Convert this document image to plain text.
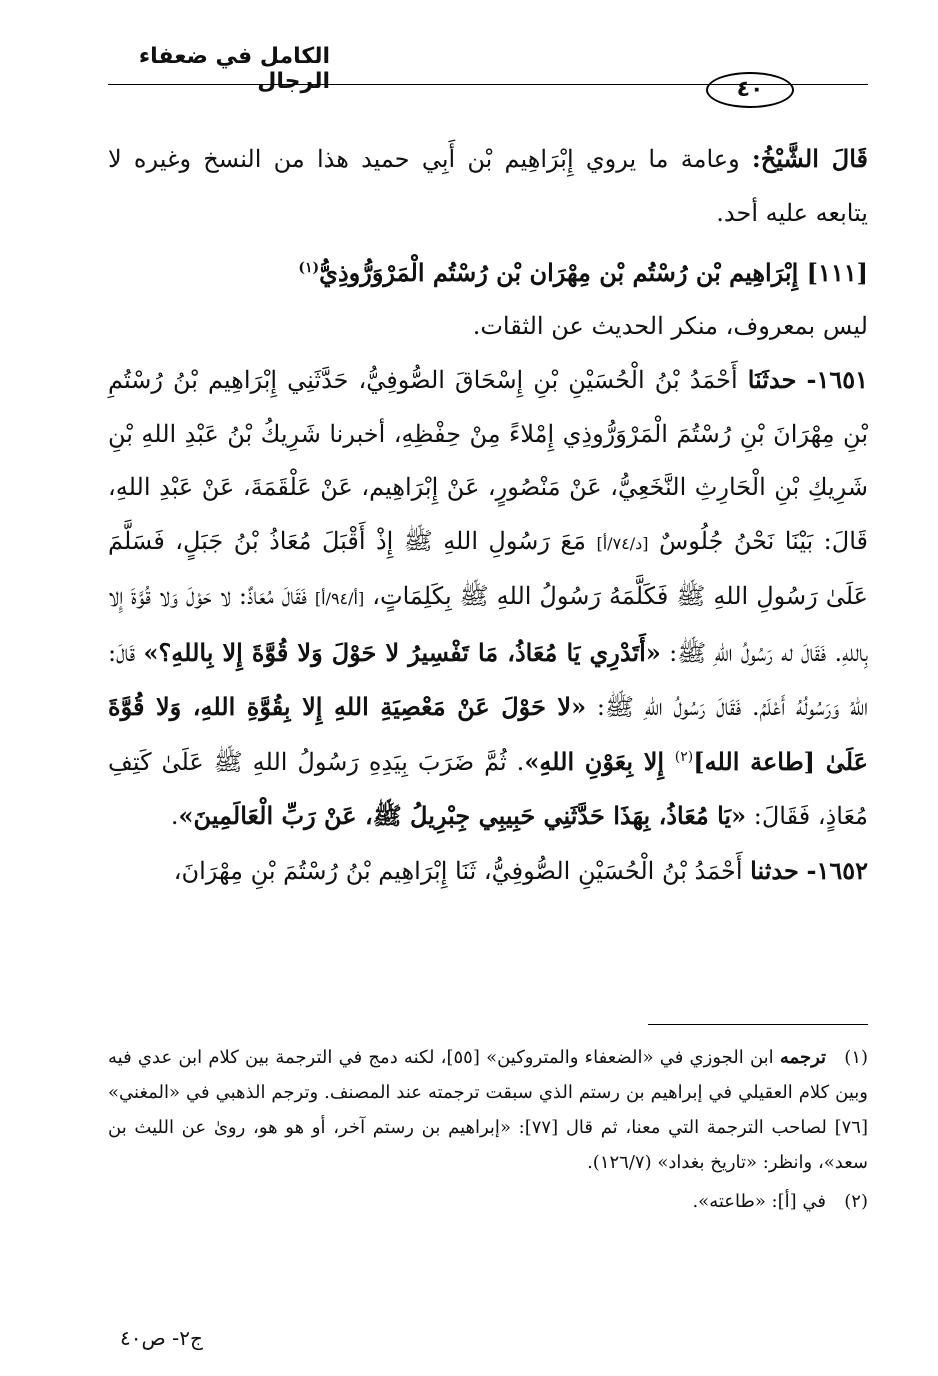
الكامل في ضعفاء الرجال	٤٠

قَالَ الشَّيْخُ: وعامة ما يروي إِبْرَاهِيم بْن أَبِي حميد هذا من النسخ وغيره لا يتابعه عليه أحد.

[١١١] إِبْرَاهِيم بْن رُسْتُم بْن مِهْرَان بْن رُسْتُم الْمَرْوَرُّوذِيُّ$^{(١)}$

ليس بمعروف، منكر الحديث عن الثقات.

١٦٥١- حدثَنَا أَحْمَدُ بْنُ الْحُسَيْنِ بْنِ إِسْحَاقَ الصُّوفِيُّ، حَدَّثَنِي إِبْرَاهِيم بْنُ رُسْتُمِ بْنِ مِهْرَانَ بْنِ رُسْتُمَ الْمَرْوَرُّوذِي إِمْلاءً مِنْ حِفْظِهِ، أخبرنا شَرِيكُ بْنُ عَبْدِ اللهِ بْنِ شَرِيكِ بْنِ الْحَارِثِ النَّخَعِيُّ، عَنْ مَنْصُورٍ، عَنْ إِبْرَاهِيم، عَنْ عَلْقَمَةَ، عَنْ عَبْدِ اللهِ، قَالَ: بَيْنَا نَحْنُ جُلُوسٌ [د/٧٤/أ] مَعَ رَسُولِ اللهِ ﷺ إِذْ أَقْبَلَ مُعَاذُ بْنُ جَبَلٍ، فَسَلَّمَ عَلَىٰ رَسُولِ اللهِ ﷺ فَكَلَّمَهُ رَسُولُ اللهِ ﷺ بِكَلِمَاتٍ، [أ/٩٤/أ] فَقَالَ مُعَاذٌ: لا حَوْلَ وَلا قُوَّةَ إِلا بِاللهِ. فَقَالَ له رَسُولُ اللهِ ﷺ: «أَتَدْرِي يَا مُعَاذُ، مَا تَفْسِيرُ لا حَوْلَ وَلا قُوَّةَ إِلا بِاللهِ؟» قَالَ: اللهُ وَرَسُولُهُ أَعْلَمُ. فَقَالَ رَسُولُ اللهِ ﷺ: «لا حَوْلَ عَنْ مَعْصِيَةِ اللهِ إِلا بِقُوَّةِ اللهِ، وَلا قُوَّةَ عَلَىٰ [طاعة الله]$^{(٢)}$ إِلا بِعَوْنِ اللهِ». ثُمَّ ضَرَبَ بِيَدِهِ رَسُولُ اللهِ ﷺ عَلَىٰ كَتِفِ مُعَاذٍ، فَقَالَ: «يَا مُعَاذُ، بِهَذَا حَدَّثَنِي حَبِيبِي جِبْرِيلُ ﷺ، عَنْ رَبِّ الْعَالَمِينَ».

١٦٥٢- حدثنا أَحْمَدُ بْنُ الْحُسَيْنِ الصُّوفِيُّ، ثَنَا إِبْرَاهِيم بْنُ رُسْتُمَ بْنِ مِهْرَانَ،

(١)ترجمه ابن الجوزي في «الضعفاء والمتروكين» [٥٥]، لكنه دمج في الترجمة بين كلام ابن عدي فيه وبين كلام العقيلي في إبراهيم بن رستم الذي سبقت ترجمته عند المصنف. وترجم الذهبي في «المغني» [٧٦] لصاحب الترجمة التي معنا، ثم قال [٧٧]: «إبراهيم بن رستم آخر، أو هو هو، روىٰ عن الليث بن سعد»، وانظر: «تاريخ بغداد» (١٢٦/٧).

(٢)في [أ]: «طاعته».

ج٢- ص٤٠
